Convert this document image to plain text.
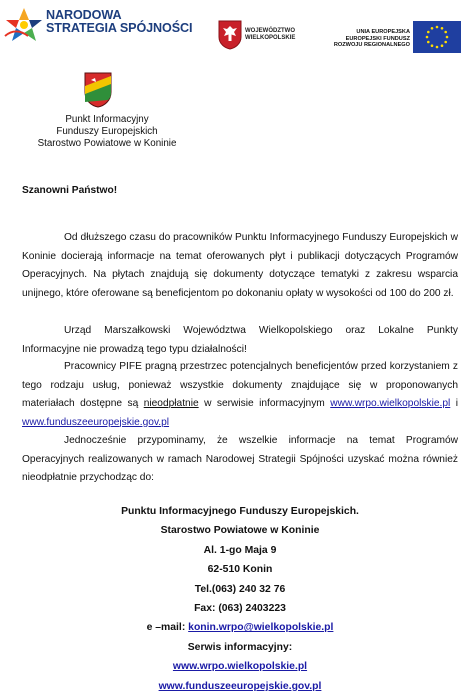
NARODOWA
STRATEGIA SPÓJNOŚCI	WOJEWÓDZTWO
WIELKOPOLSKIE
UNIA EUROPEJSKA
EUROPEJSKI FUNDUSZ
ROZWOJU REGIONALNEGO
Punkt Informacyjny
Funduszy Europejskich
Starostwo Powiatowe w Koninie
Szanowni Państwo!
Od dłuższego czasu do pracowników Punktu Informacyjnego Funduszy Europejskich w Koninie docierają informacje na temat oferowanych płyt i publikacji dotyczących Programów Operacyjnych. Na płytach znajdują się dokumenty dotyczące tematyki z zakresu wsparcia unijnego, które oferowane są beneficjentom po dokonaniu opłaty w wysokości od 100 do 200 zł.
Urząd Marszałkowski Województwa Wielkopolskiego oraz Lokalne Punkty Informacyjne nie prowadzą tego typu działalności!
Pracownicy PIFE pragną przestrzec potencjalnych beneficjentów przed korzystaniem z tego rodzaju usług, ponieważ wszystkie dokumenty znajdujące się w proponowanych materiałach dostępne są nieodpłatnie w serwisie informacyjnym www.wrpo.wielkopolskie.pl i www.funduszeeuropejskie.gov.pl
Jednocześnie przypominamy, że wszelkie informacje na temat Programów Operacyjnych realizowanych w ramach Narodowej Strategii Spójności uzyskać można również nieodpłatnie przychodząc do:
Punktu Informacyjnego Funduszy Europejskich.
Starostwo Powiatowe w Koninie
Al. 1-go Maja 9
62-510 Konin
Tel.(063) 240 32 76
Fax: (063) 2403223
e –mail: konin.wrpo@wielkopolskie.pl
Serwis informacyjny:
www.wrpo.wielkopolskie.pl
www.funduszeeuropejskie.gov.pl
